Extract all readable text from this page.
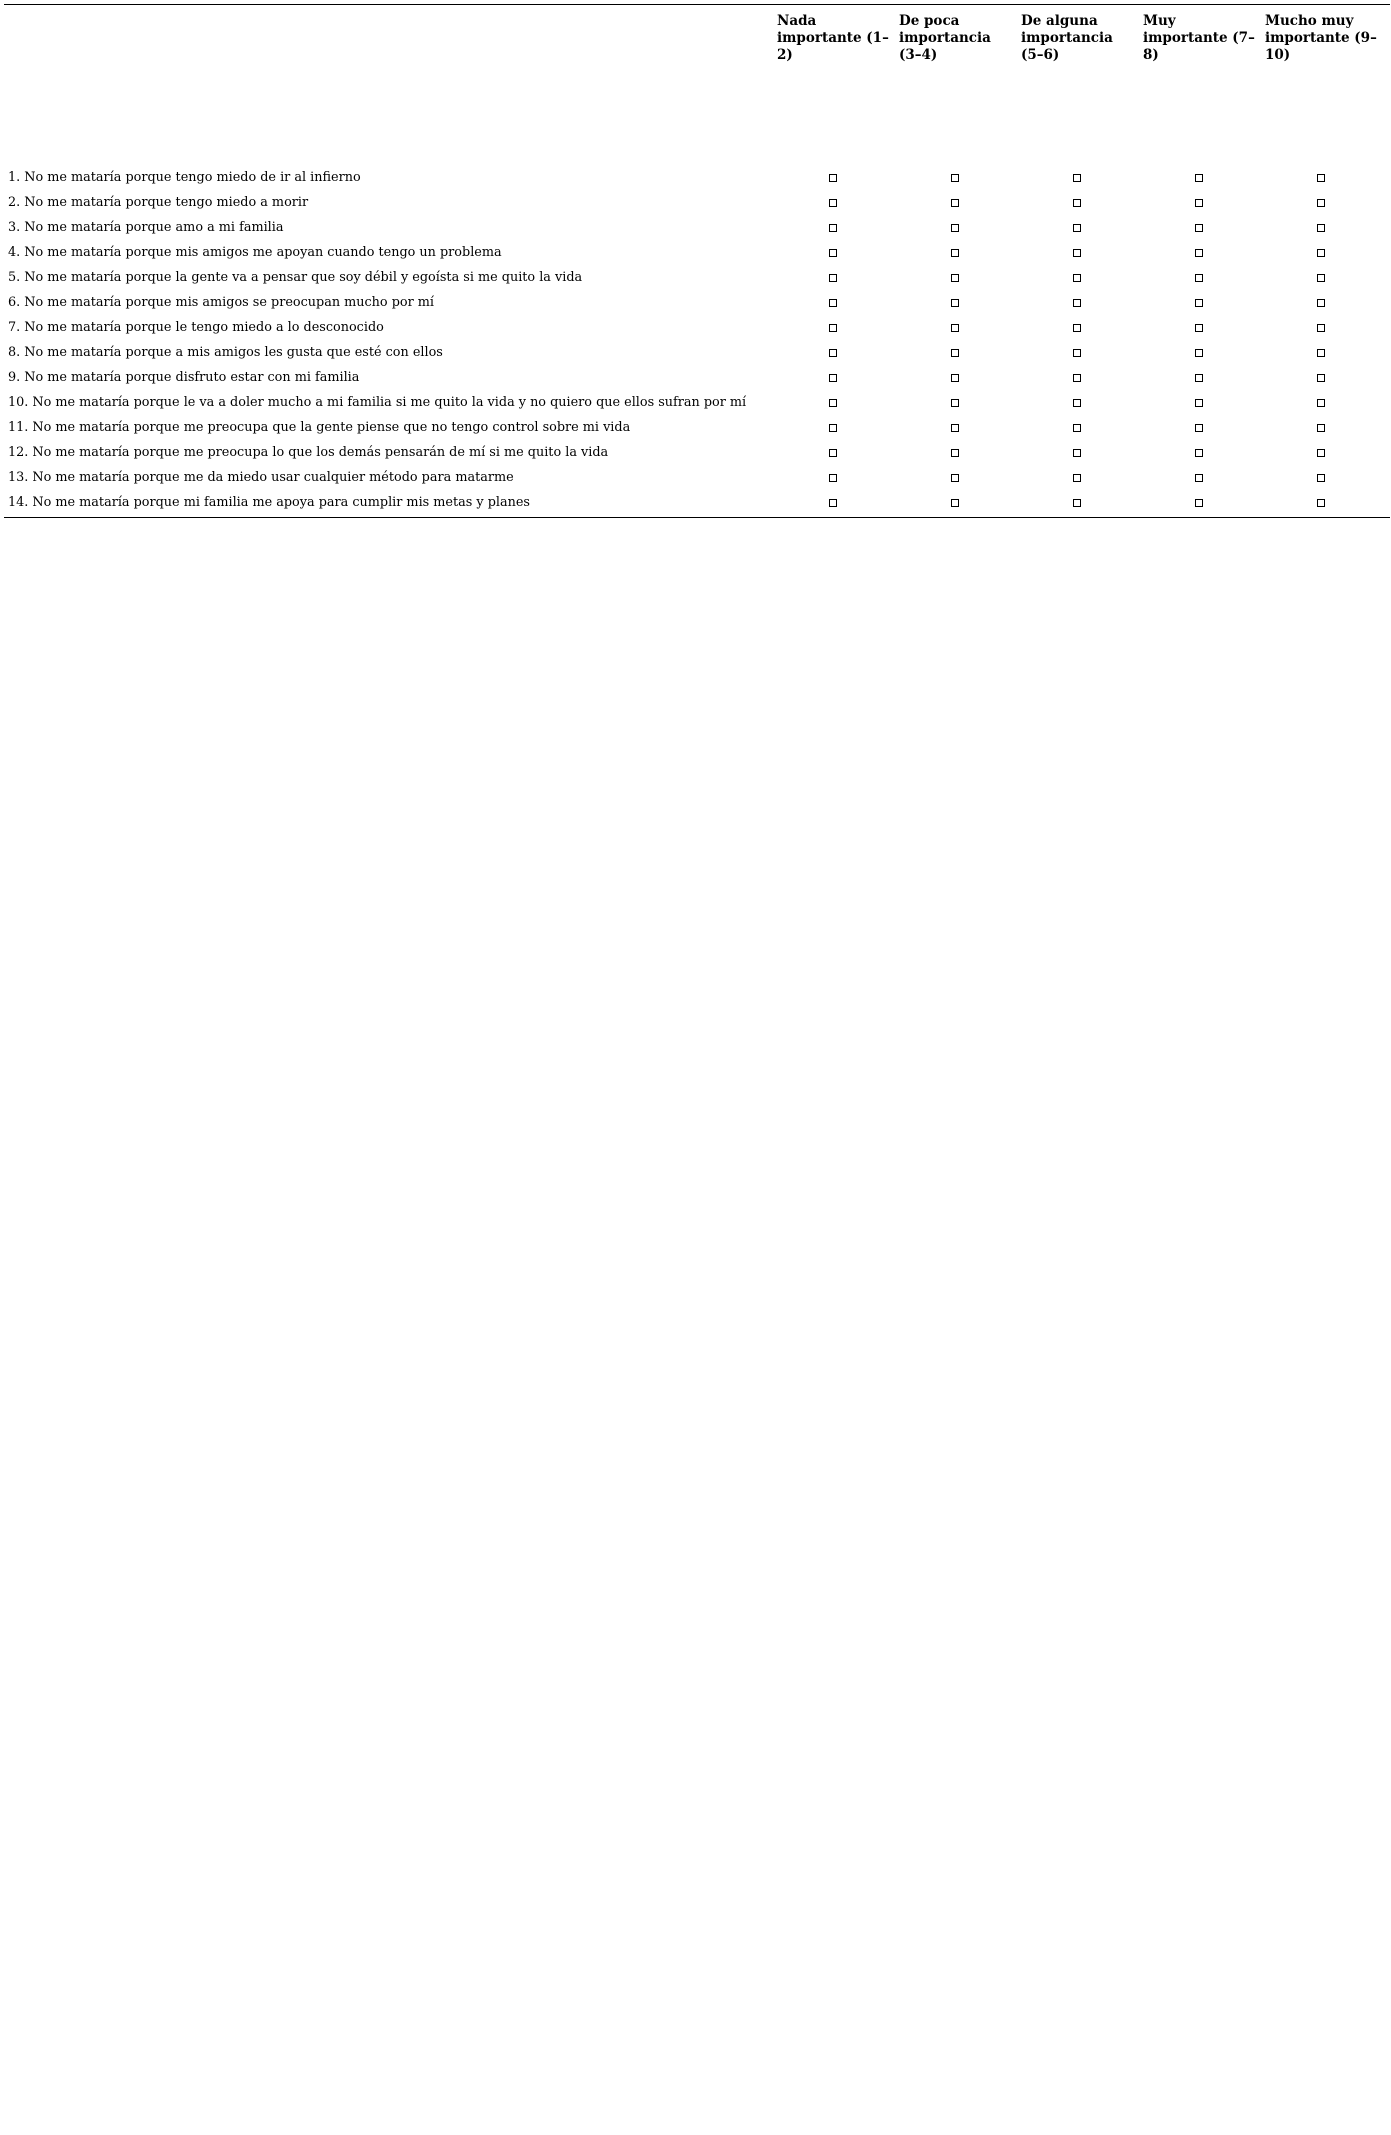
Nada importante (1–2)
De poca importancia (3–4)
De alguna importancia (5–6)
Muy importante (7–8)
Mucho muy importante (9–10)
1. No me mataría porque tengo miedo de ir al infierno
2. No me mataría porque tengo miedo a morir
3. No me mataría porque amo a mi familia
4. No me mataría porque mis amigos me apoyan cuando tengo un problema
5. No me mataría porque la gente va a pensar que soy débil y egoísta si me quito la vida
6. No me mataría porque mis amigos se preocupan mucho por mí
7. No me mataría porque le tengo miedo a lo desconocido
8. No me mataría porque a mis amigos les gusta que esté con ellos
9. No me mataría porque disfruto estar con mi familia
10. No me mataría porque le va a doler mucho a mi familia si me quito la vida y no quiero que ellos sufran por mí
11. No me mataría porque me preocupa que la gente piense que no tengo control sobre mi vida
12. No me mataría porque me preocupa lo que los demás pensarán de mí si me quito la vida
13. No me mataría porque me da miedo usar cualquier método para matarme
14. No me mataría porque mi familia me apoya para cumplir mis metas y planes
